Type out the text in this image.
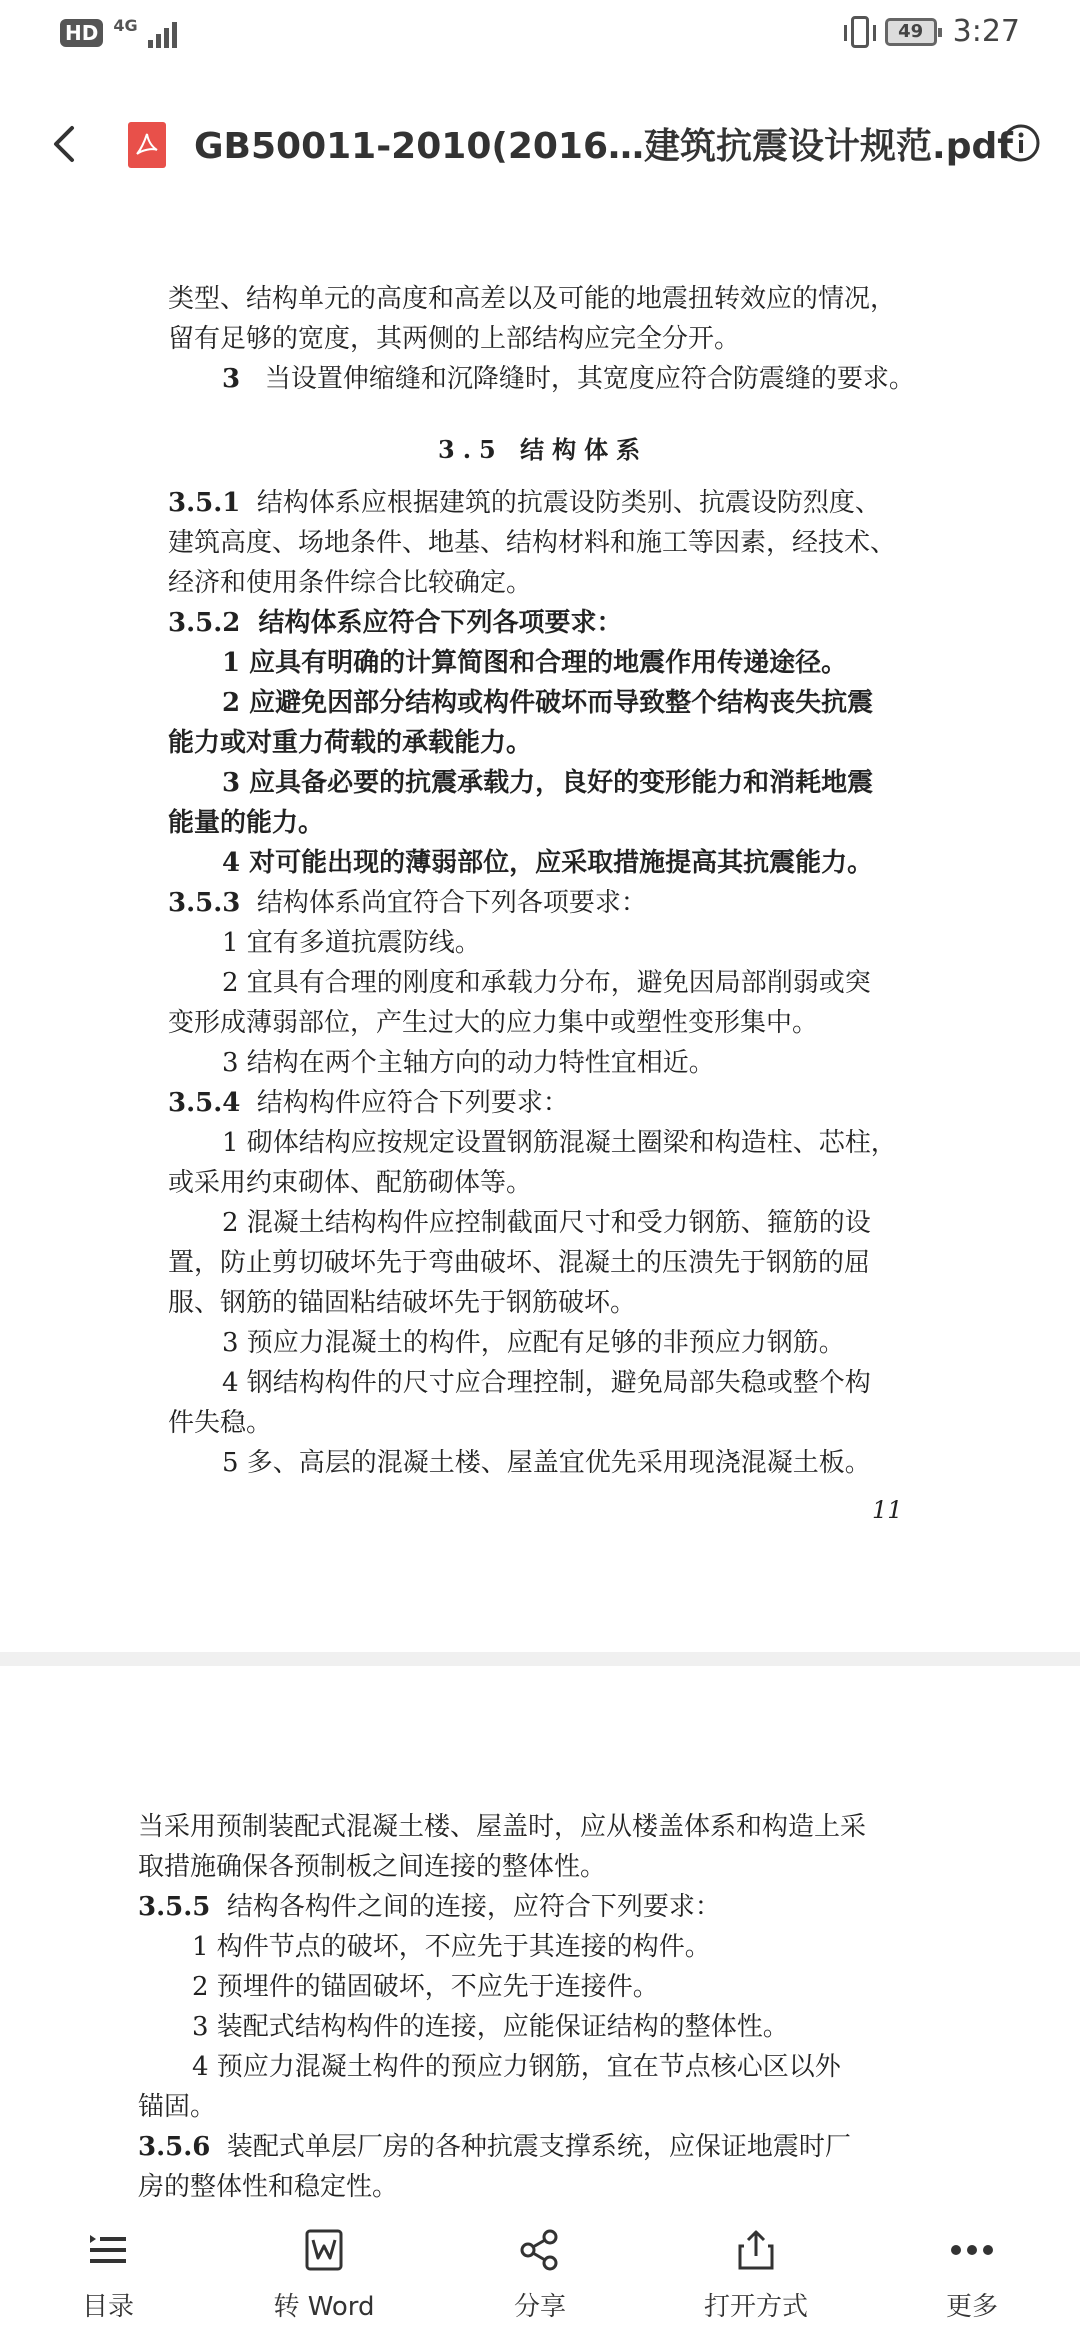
HD 4G	49 3:27
GB50011-2010(2016…建筑抗震设计规范.pdf
类型、结构单元的高度和高差以及可能的地震扭转效应的情况，
留有足够的宽度，其两侧的上部结构应完全分开。
3 当设置伸缩缝和沉降缝时，其宽度应符合防震缝的要求。
3.5 结构体系
3.5.1 结构体系应根据建筑的抗震设防类别、抗震设防烈度、
建筑高度、场地条件、地基、结构材料和施工等因素，经技术、
经济和使用条件综合比较确定。
3.5.2 结构体系应符合下列各项要求：
1 应具有明确的计算简图和合理的地震作用传递途径。
2 应避免因部分结构或构件破坏而导致整个结构丧失抗震
能力或对重力荷载的承载能力。
3 应具备必要的抗震承载力，良好的变形能力和消耗地震
能量的能力。
4 对可能出现的薄弱部位，应采取措施提高其抗震能力。
3.5.3 结构体系尚宜符合下列各项要求：
1 宜有多道抗震防线。
2 宜具有合理的刚度和承载力分布，避免因局部削弱或突
变形成薄弱部位，产生过大的应力集中或塑性变形集中。
3 结构在两个主轴方向的动力特性宜相近。
3.5.4 结构构件应符合下列要求：
1 砌体结构应按规定设置钢筋混凝土圈梁和构造柱、芯柱，
或采用约束砌体、配筋砌体等。
2 混凝土结构构件应控制截面尺寸和受力钢筋、箍筋的设
置，防止剪切破坏先于弯曲破坏、混凝土的压溃先于钢筋的屈
服、钢筋的锚固粘结破坏先于钢筋破坏。
3 预应力混凝土的构件，应配有足够的非预应力钢筋。
4 钢结构构件的尺寸应合理控制，避免局部失稳或整个构
件失稳。
5 多、高层的混凝土楼、屋盖宜优先采用现浇混凝土板。
11
当采用预制装配式混凝土楼、屋盖时，应从楼盖体系和构造上采
取措施确保各预制板之间连接的整体性。
3.5.5 结构各构件之间的连接，应符合下列要求：
1 构件节点的破坏，不应先于其连接的构件。
2 预埋件的锚固破坏，不应先于连接件。
3 装配式结构构件的连接，应能保证结构的整体性。
4 预应力混凝土构件的预应力钢筋，宜在节点核心区以外
锚固。
3.5.6 装配式单层厂房的各种抗震支撑系统，应保证地震时厂
房的整体性和稳定性。
目录	转 Word	分享	打开方式	更多
